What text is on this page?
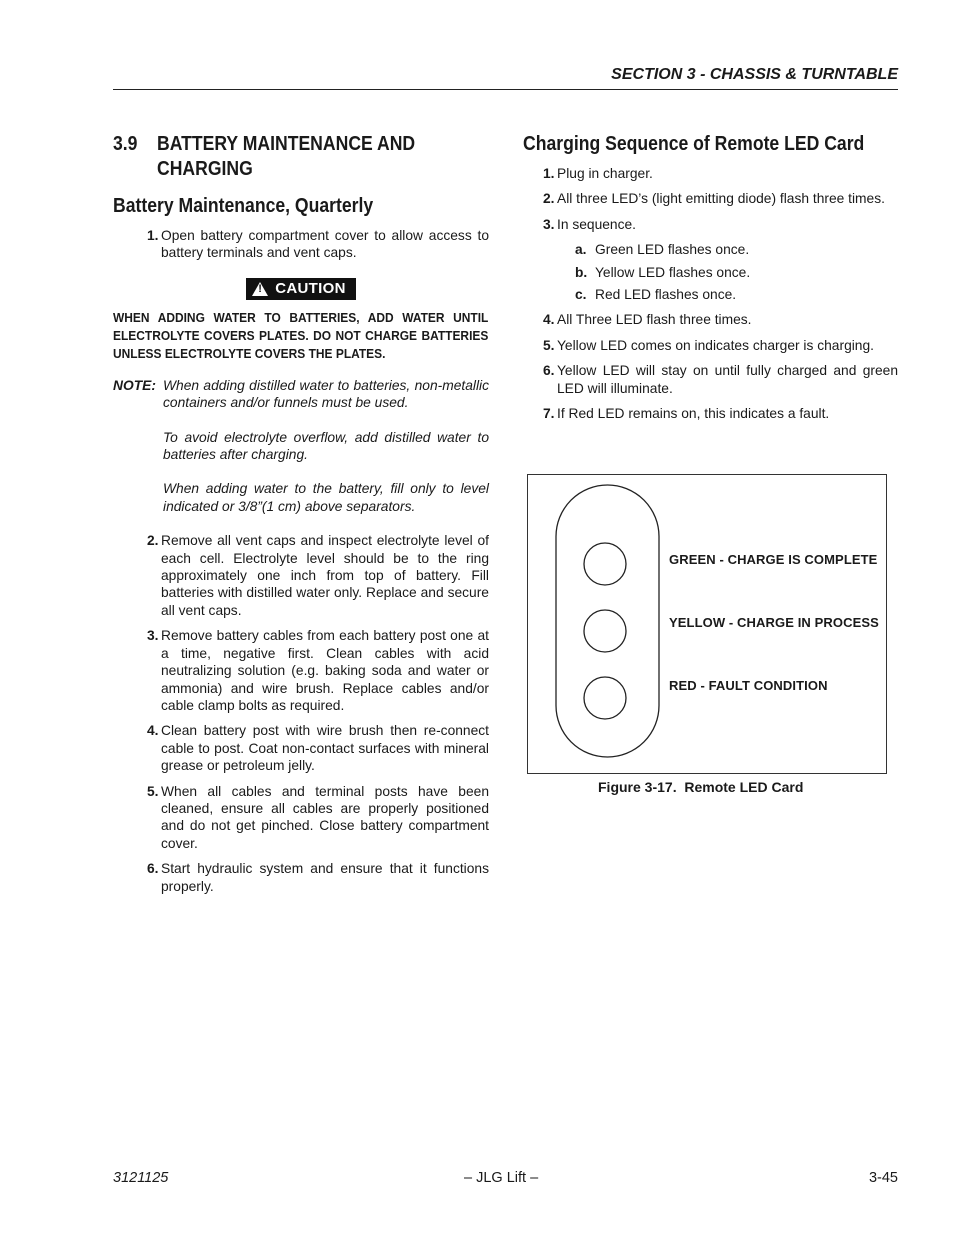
SECTION 3 - CHASSIS & TURNTABLE
3.9 BATTERY MAINTENANCE AND CHARGING
Battery Maintenance, Quarterly
1. Open battery compartment cover to allow access to battery terminals and vent caps.
!
CAUTION
WHEN ADDING WATER TO BATTERIES, ADD WATER UNTIL ELECTROLYTE COVERS PLATES. DO NOT CHARGE BATTERIES UNLESS ELECTROLYTE COVERS THE PLATES.
NOTE: When adding distilled water to batteries, non-metallic containers and/or funnels must be used.

To avoid electrolyte overflow, add distilled water to batteries after charging.

When adding water to the battery, fill only to level indicated or 3/8”(1 cm) above separators.

2. Remove all vent caps and inspect electrolyte level of each cell. Electrolyte level should be to the ring approximately one inch from top of battery. Fill batteries with distilled water only. Replace and secure all vent caps.
3. Remove battery cables from each battery post one at a time, negative first. Clean cables with acid neutralizing solution (e.g. baking soda and water or ammonia) and wire brush. Replace cables and/or cable clamp bolts as required.
4. Clean battery post with wire brush then re-connect cable to post. Coat non-contact surfaces with mineral grease or petroleum jelly.
5. When all cables and terminal posts have been cleaned, ensure all cables are properly positioned and do not get pinched. Close battery compartment cover.
6. Start hydraulic system and ensure that it functions properly.
Charging Sequence of Remote LED Card
1. Plug in charger.
2. All three LED’s (light emitting diode) flash three times.
3. In sequence.
a. Green LED flashes once.
b. Yellow LED flashes once.
c. Red LED flashes once.
4. All Three LED flash three times.
5. Yellow LED comes on indicates charger is charging.
6. Yellow LED will stay on until fully charged and green LED will illuminate.
7. If Red LED remains on, this indicates a fault.
GREEN - CHARGE IS COMPLETE
YELLOW - CHARGE IN PROCESS
RED - FAULT CONDITION
Figure 3-17. Remote LED Card
3121125	– JLG Lift –	3-45
